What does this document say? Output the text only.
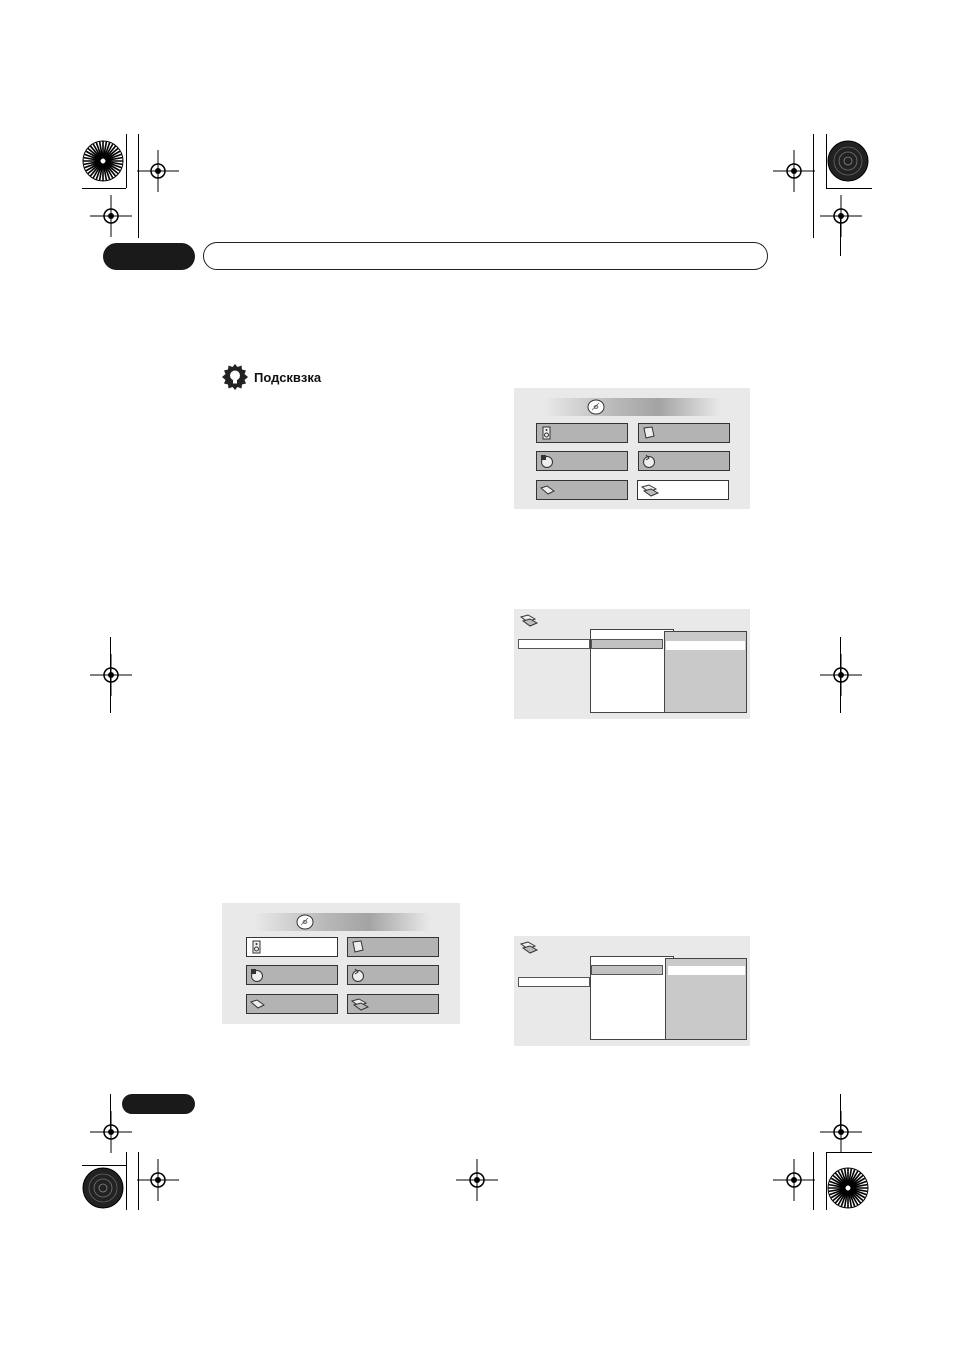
Подсквзка
